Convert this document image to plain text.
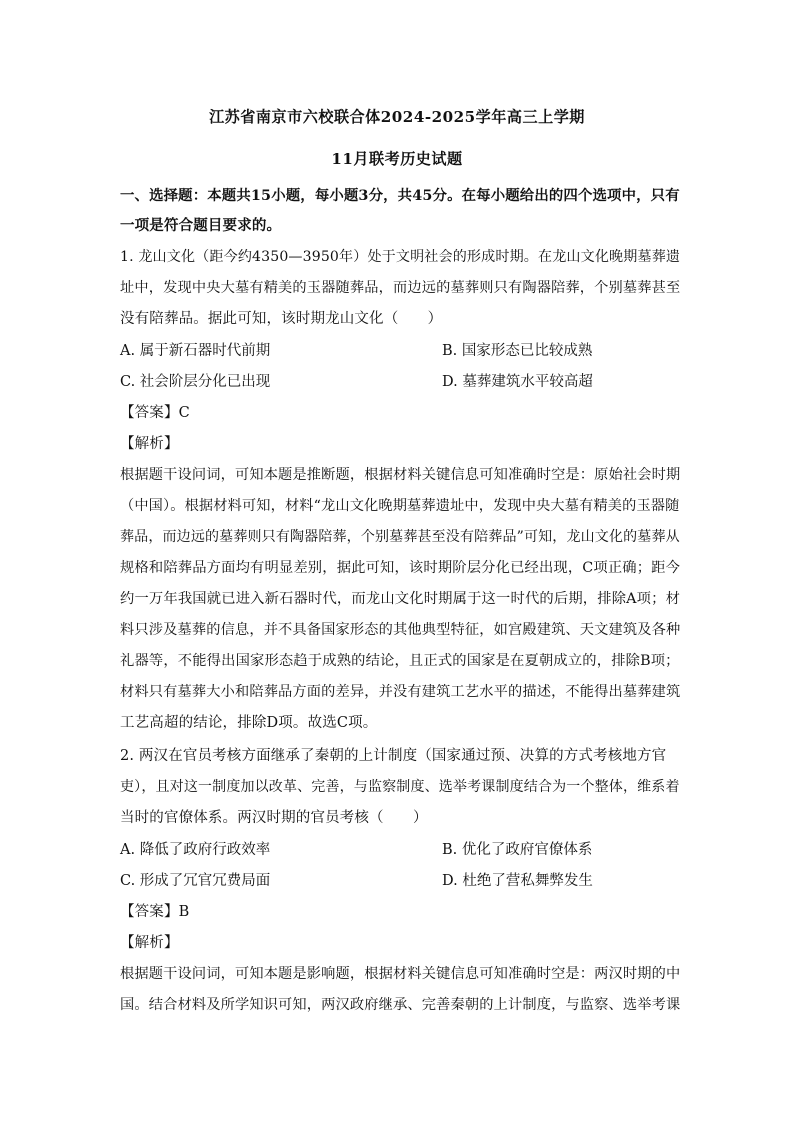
江苏省南京市六校联合体2024-2025学年高三上学期
11月联考历史试题
一、选择题：本题共15小题，每小题3分，共45分。在每小题给出的四个选项中，只有
一项是符合题目要求的。
1. 龙山文化（距今约4350—3950年）处于文明社会的形成时期。在龙山文化晚期墓葬遗
址中，发现中央大墓有精美的玉器随葬品，而边远的墓葬则只有陶器陪葬，个别墓葬甚至
没有陪葬品。据此可知，该时期龙山文化（　　）
A. 属于新石器时代前期	B. 国家形态已比较成熟
C. 社会阶层分化已出现	D. 墓葬建筑水平较高超
【答案】C
【解析】
根据题干设问词，可知本题是推断题，根据材料关键信息可知准确时空是：原始社会时期
（中国）。根据材料可知，材料“龙山文化晚期墓葬遗址中，发现中央大墓有精美的玉器随
葬品，而边远的墓葬则只有陶器陪葬，个别墓葬甚至没有陪葬品”可知，龙山文化的墓葬从
规格和陪葬品方面均有明显差别，据此可知，该时期阶层分化已经出现，C项正确；距今
约一万年我国就已进入新石器时代，而龙山文化时期属于这一时代的后期，排除A项；材
料只涉及墓葬的信息，并不具备国家形态的其他典型特征，如宫殿建筑、天文建筑及各种
礼器等，不能得出国家形态趋于成熟的结论，且正式的国家是在夏朝成立的，排除B项；
材料只有墓葬大小和陪葬品方面的差异，并没有建筑工艺水平的描述，不能得出墓葬建筑
工艺高超的结论，排除D项。故选C项。
2. 两汉在官员考核方面继承了秦朝的上计制度（国家通过预、决算的方式考核地方官
吏），且对这一制度加以改革、完善，与监察制度、选举考课制度结合为一个整体，维系着
当时的官僚体系。两汉时期的官员考核（　　）
A. 降低了政府行政效率	B. 优化了政府官僚体系
C. 形成了冗官冗费局面	D. 杜绝了营私舞弊发生
【答案】B
【解析】
根据题干设问词，可知本题是影响题，根据材料关键信息可知准确时空是：两汉时期的中
国。结合材料及所学知识可知，两汉政府继承、完善秦朝的上计制度，与监察、选举考课
